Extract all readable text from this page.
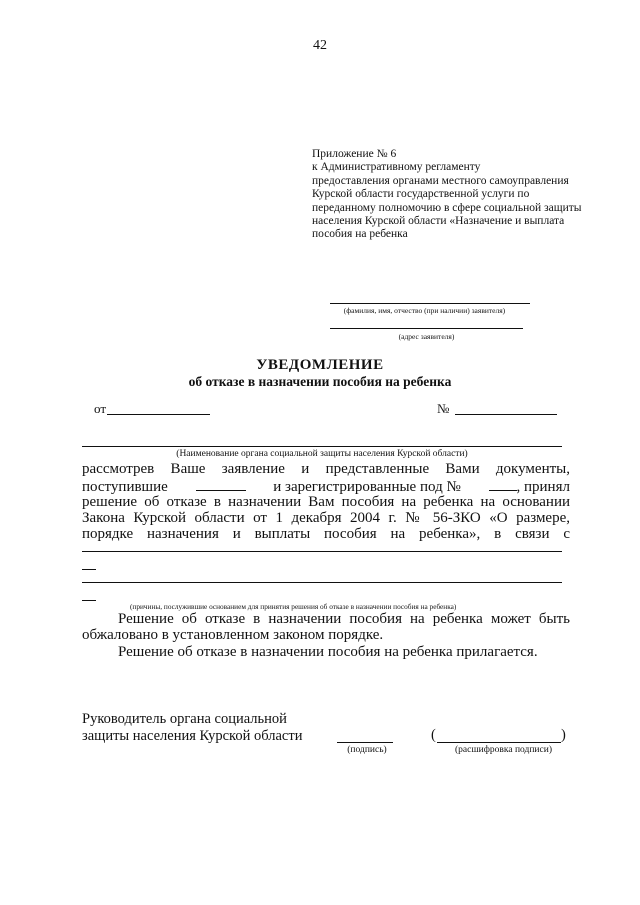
42
Приложение № 6
к Административному регламенту
предоставления органами местного самоуправления
Курской области государственной услуги по
переданному полномочию в сфере социальной защиты
населения Курской области «Назначение и выплата
пособия на ребенка
(фамилия, имя, отчество (при наличии) заявителя)
(адрес заявителя)
УВЕДОМЛЕНИЕ
об отказе в назначении пособия на ребенка
от	№
(Наименование органа социальной защиты населения Курской области)
рассмотрев Ваше заявление и представленные Вами документы,
поступившие	и зарегистрированные под №	, принял
решение об отказе в назначении Вам пособия на ребенка на основании
Закона Курской области от 1 декабря 2004 г. № 56-ЗКО «О размере,
порядке назначения и выплаты пособия на ребенка», в связи с
(причины, послужившие основанием для принятия решения об отказе в назначении пособия на ребенка)
Решение об отказе в назначении пособия на ребенка может быть
обжаловано в установленном законом порядке.
Решение об отказе в назначении пособия на ребенка прилагается.
Руководитель органа социальной
защиты населения Курской области
(подпись)
(	)
(расшифровка подписи)
